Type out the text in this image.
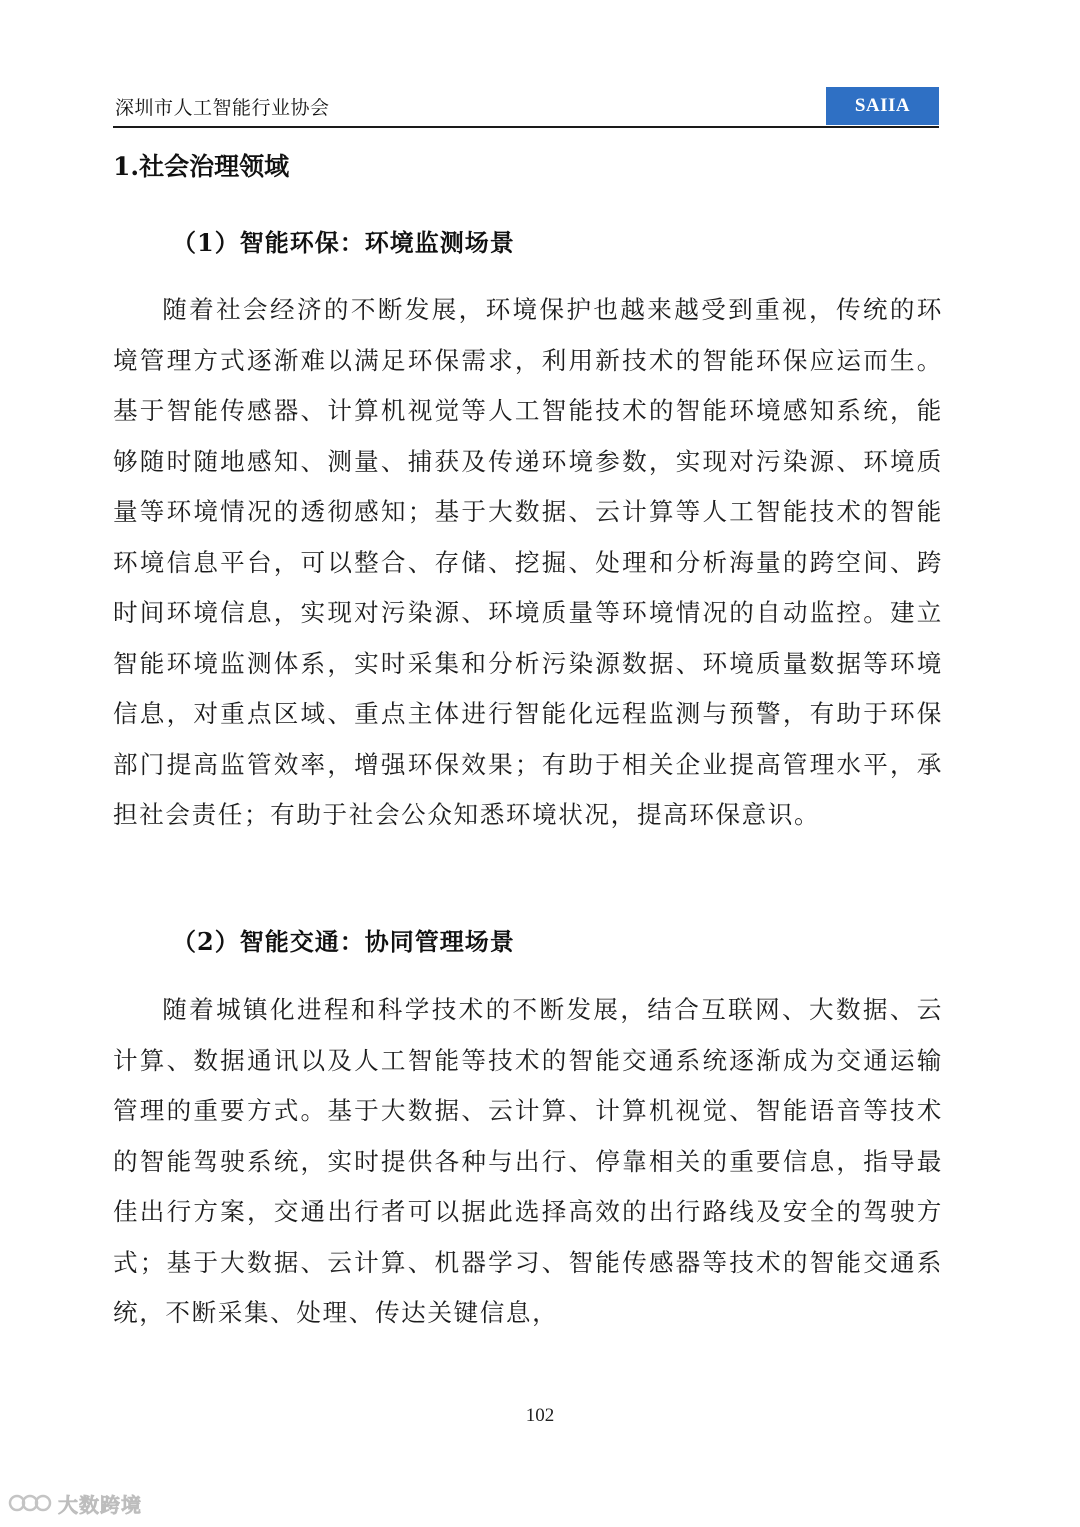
深圳市人工智能行业协会	SAIIA
1.社会治理领域
（1）智能环保：环境监测场景

随着社会经济的不断发展，环境保护也越来越受到重视，传统的环境管理方式逐渐难以满足环保需求，利用新技术的智能环保应运而生。基于智能传感器、计算机视觉等人工智能技术的智能环境感知系统，能够随时随地感知、测量、捕获及传递环境参数，实现对污染源、环境质量等环境情况的透彻感知；基于大数据、云计算等人工智能技术的智能环境信息平台，可以整合、存储、挖掘、处理和分析海量的跨空间、跨时间环境信息，实现对污染源、环境质量等环境情况的自动监控。建立智能环境监测体系，实时采集和分析污染源数据、环境质量数据等环境信息，对重点区域、重点主体进行智能化远程监测与预警，有助于环保部门提高监管效率，增强环保效果；有助于相关企业提高管理水平，承担社会责任；有助于社会公众知悉环境状况，提高环保意识。

（2）智能交通：协同管理场景

随着城镇化进程和科学技术的不断发展，结合互联网、大数据、云计算、数据通讯以及人工智能等技术的智能交通系统逐渐成为交通运输管理的重要方式。基于大数据、云计算、计算机视觉、智能语音等技术的智能驾驶系统，实时提供各种与出行、停靠相关的重要信息，指导最佳出行方案，交通出行者可以据此选择高效的出行路线及安全的驾驶方式；基于大数据、云计算、机器学习、智能传感器等技术的智能交通系统，不断采集、处理、传达关键信息，

102
大数跨境
